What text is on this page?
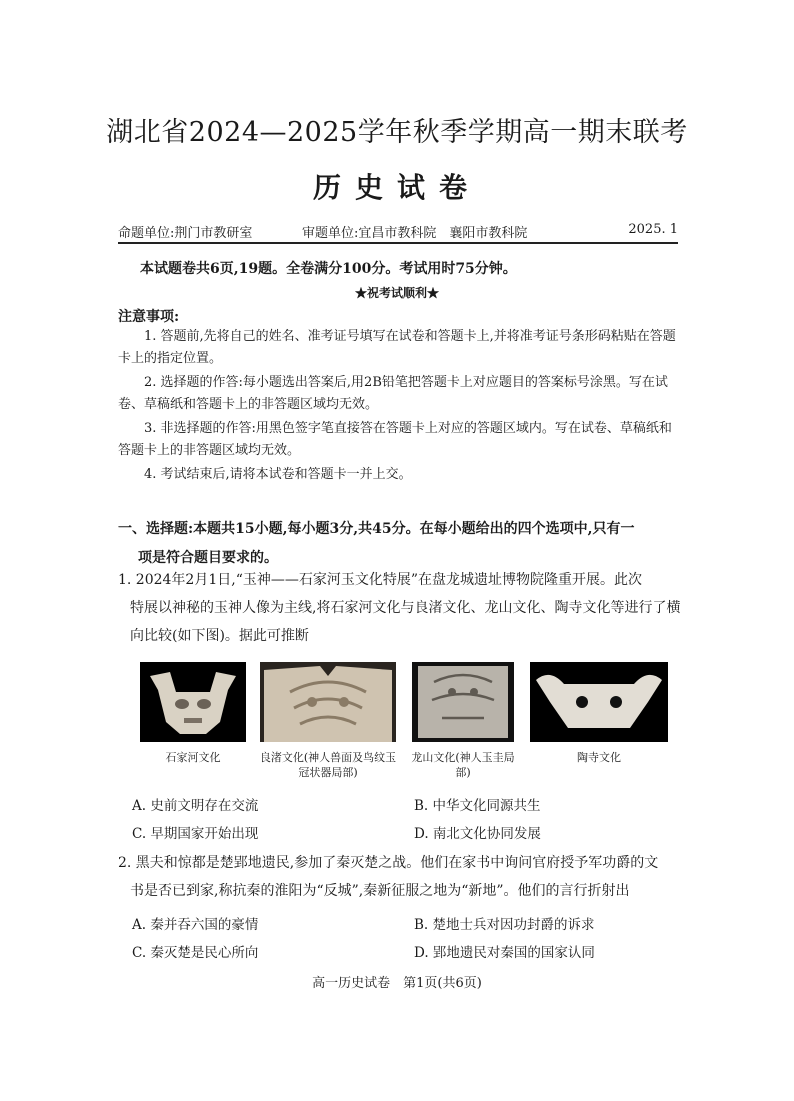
湖北省2024—2025学年秋季学期高一期末联考
历史试卷
命题单位:荆门市教研室	审题单位:宜昌市教科院　襄阳市教科院	2025. 1
本试题卷共6页,19题。全卷满分100分。考试用时75分钟。
★祝考试顺利★
注意事项:

1. 答题前,先将自己的姓名、准考证号填写在试卷和答题卡上,并将准考证号条形码粘贴在答题卡上的指定位置。

2. 选择题的作答:每小题选出答案后,用2B铅笔把答题卡上对应题目的答案标号涂黑。写在试卷、草稿纸和答题卡上的非答题区域均无效。

3. 非选择题的作答:用黑色签字笔直接答在答题卡上对应的答题区域内。写在试卷、草稿纸和答题卡上的非答题区域均无效。

4. 考试结束后,请将本试卷和答题卡一并上交。

一、选择题:本题共15小题,每小题3分,共45分。在每小题给出的四个选项中,只有一
项是符合题目要求的。

1. 2024年2月1日,“玉神——石家河玉文化特展”在盘龙城遗址博物院隆重开展。此次
特展以神秘的玉神人像为主线,将石家河文化与良渚文化、龙山文化、陶寺文化等进行了横向比较(如下图)。据此可推断

石家河文化	良渚文化(神人兽面及鸟纹玉冠状器局部)
龙山文化(神人玉圭局部)
陶寺文化
A. 史前文明存在交流	B. 中华文化同源共生
C. 早期国家开始出现	D. 南北文化协同发展

2. 黑夫和惊都是楚郢地遗民,参加了秦灭楚之战。他们在家书中询问官府授予军功爵的文
书是否已到家,称抗秦的淮阳为“反城”,秦新征服之地为“新地”。他们的言行折射出

A. 秦并吞六国的豪情	B. 楚地士兵对因功封爵的诉求
C. 秦灭楚是民心所向	D. 郢地遗民对秦国的国家认同
高一历史试卷　第1页(共6页)
